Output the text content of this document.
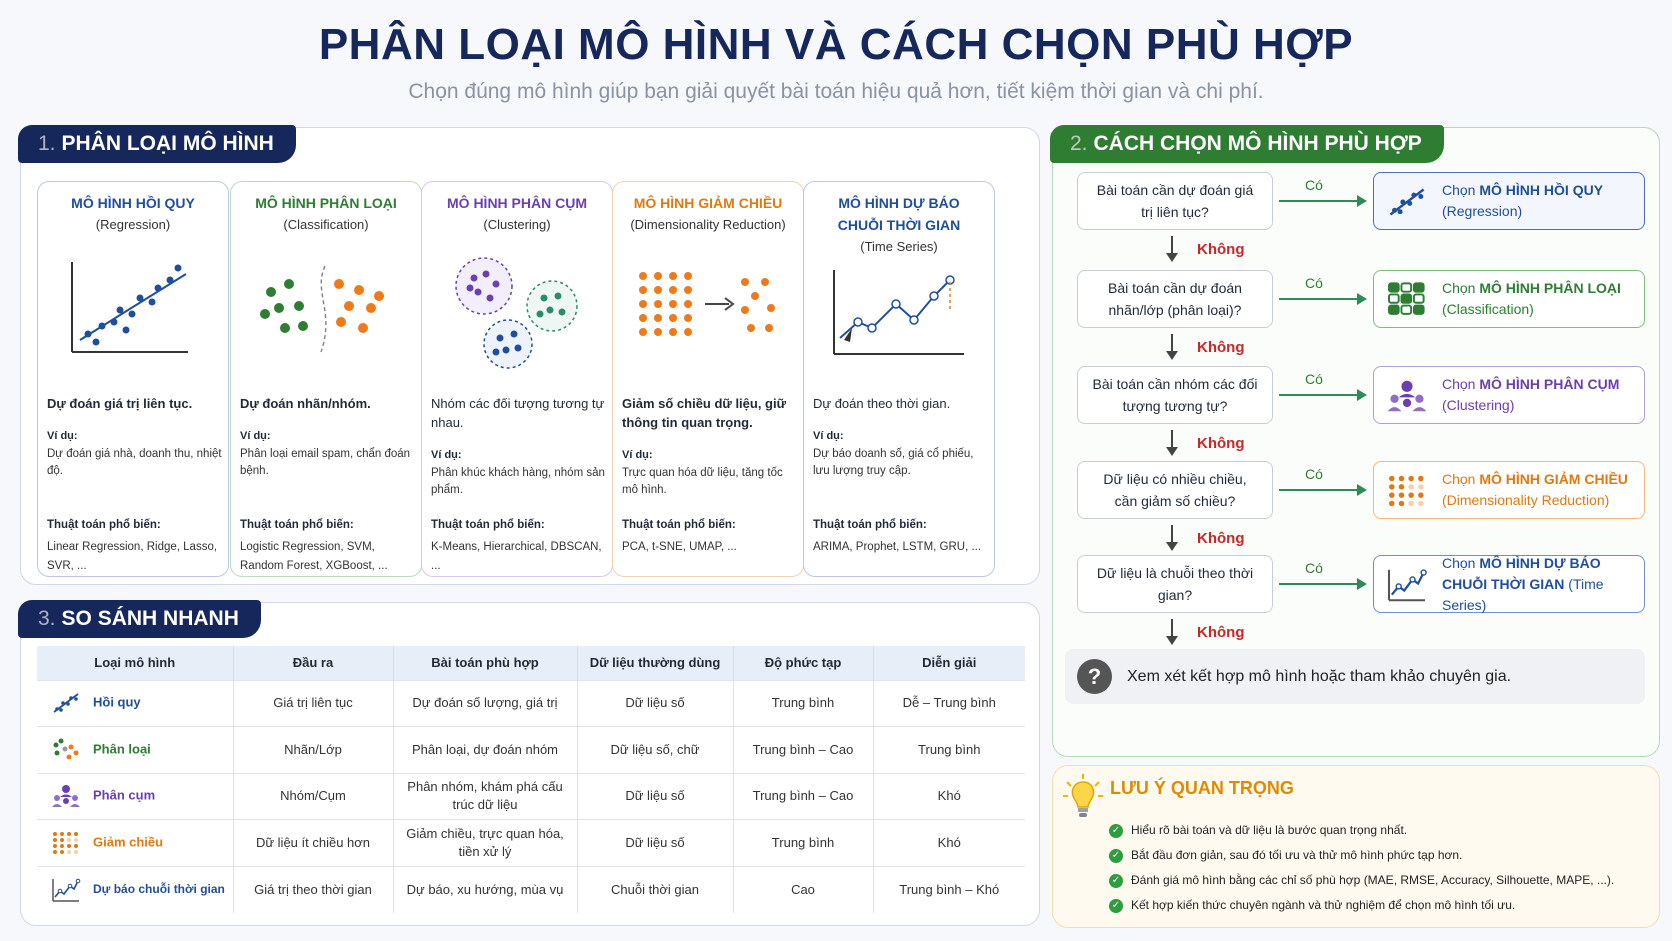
PHÂN LOẠI MÔ HÌNH VÀ CÁCH CHỌN PHÙ HỢP
Chọn đúng mô hình giúp bạn giải quyết bài toán hiệu quả hơn, tiết kiệm thời gian và chi phí.
1. PHÂN LOẠI MÔ HÌNH
MÔ HÌNH HỒI QUY
(Regression)
Dự đoán giá trị liên tục.
Ví dụ:
Dự đoán giá nhà, doanh thu, nhiệt độ.
Thuật toán phổ biến:
Linear Regression, Ridge, Lasso, SVR, ...
MÔ HÌNH PHÂN LOẠI
(Classification)
Dự đoán nhãn/nhóm.
Ví dụ:
Phân loại email spam, chẩn đoán bệnh.
Thuật toán phổ biến:
Logistic Regression, SVM, Random Forest, XGBoost, ...
MÔ HÌNH PHÂN CỤM
(Clustering)
Nhóm các đối tượng tương tự nhau.
Ví dụ:
Phân khúc khách hàng, nhóm sản phẩm.
Thuật toán phổ biến:
K-Means, Hierarchical, DBSCAN, ...
MÔ HÌNH GIẢM CHIỀU
(Dimensionality Reduction)
Giảm số chiều dữ liệu, giữ thông tin quan trọng.
Ví dụ:
Trực quan hóa dữ liệu, tăng tốc mô hình.
Thuật toán phổ biến:
PCA, t-SNE, UMAP, ...
MÔ HÌNH DỰ BÁO CHUỖI THỜI GIAN
(Time Series)
Dự đoán theo thời gian.
Ví dụ:
Dự báo doanh số, giá cổ phiếu, lưu lượng truy cập.
Thuật toán phổ biến:
ARIMA, Prophet, LSTM, GRU, ...
3. SO SÁNH NHANH
Loại mô hình	Đầu ra	Bài toán phù hợp	Dữ liệu thường dùng	Độ phức tạp	Diễn giải
Hồi quy	Giá trị liên tục	Dự đoán số lượng, giá trị	Dữ liệu số	Trung bình	Dễ – Trung bình
Phân loại	Nhãn/Lớp	Phân loại, dự đoán nhóm	Dữ liệu số, chữ	Trung bình – Cao	Trung bình
Phân cụm	Nhóm/Cụm	Phân nhóm, khám phá cấu trúc dữ liệu	Dữ liệu số	Trung bình – Cao	Khó
Giảm chiều	Dữ liệu ít chiều hơn	Giảm chiều, trực quan hóa, tiền xử lý	Dữ liệu số	Trung bình	Khó
Dự báo chuỗi thời gian	Giá trị theo thời gian	Dự báo, xu hướng, mùa vụ	Chuỗi thời gian	Cao	Trung bình – Khó
2. CÁCH CHỌN MÔ HÌNH PHÙ HỢP
Bài toán cần dự đoán giá trị liên tục?
Có	Chọn MÔ HÌNH HỒI QUY
(Regression)
Không
Bài toán cần dự đoán nhãn/lớp (phân loại)?
Có	Chọn MÔ HÌNH PHÂN LOẠI
(Classification)
Không
Bài toán cần nhóm các đối tượng tương tự?
Có	Chọn MÔ HÌNH PHÂN CỤM
(Clustering)
Không
Dữ liệu có nhiều chiều, cần giảm số chiều?
Có	Chọn MÔ HÌNH GIẢM CHIỀU
(Dimensionality Reduction)
Không
Dữ liệu là chuỗi theo thời gian?
Có	Chọn MÔ HÌNH DỰ BÁO CHUỖI THỜI GIAN (Time Series)
Không
?	Xem xét kết hợp mô hình hoặc tham khảo chuyên gia.
LƯU Ý QUAN TRỌNG
✓ Hiểu rõ bài toán và dữ liệu là bước quan trọng nhất.
✓ Bắt đầu đơn giản, sau đó tối ưu và thử mô hình phức tạp hơn.
✓ Đánh giá mô hình bằng các chỉ số phù hợp (MAE, RMSE, Accuracy, Silhouette, MAPE, ...).
✓ Kết hợp kiến thức chuyên ngành và thử nghiệm để chọn mô hình tối ưu.
